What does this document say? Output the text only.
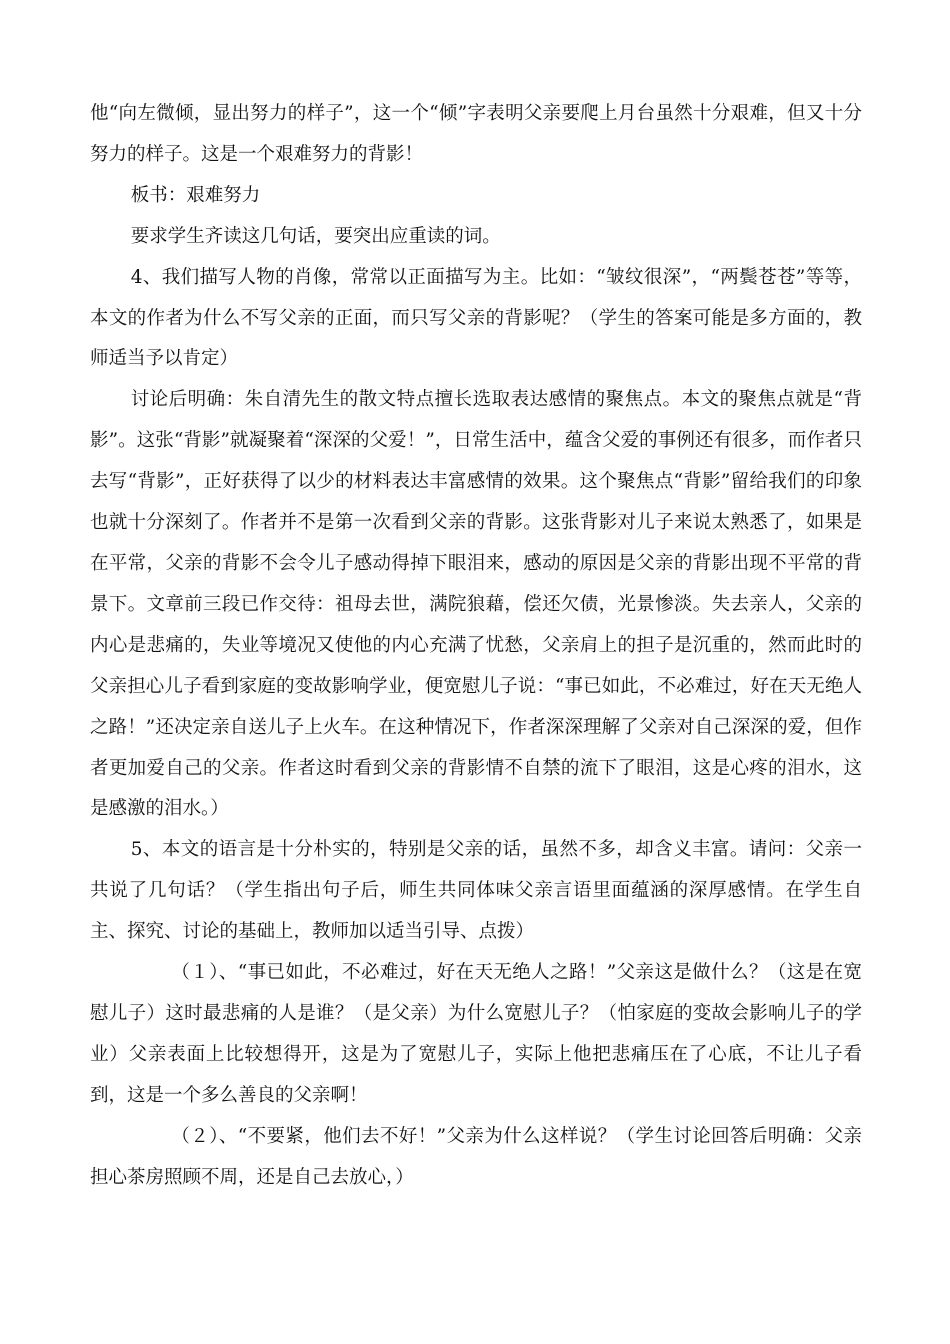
他“向左微倾，显出努力的样子”，这一个“倾”字表明父亲要爬上月台虽然十分艰难，但又十分努力的样子。这是一个艰难努力的背影！

板书：艰难努力

要求学生齐读这几句话，要突出应重读的词。

4、我们描写人物的肖像，常常以正面描写为主。比如：“皱纹很深”，“两鬓苍苍”等等，本文的作者为什么不写父亲的正面，而只写父亲的背影呢？（学生的答案可能是多方面的，教师适当予以肯定）

讨论后明确：朱自清先生的散文特点擅长选取表达感情的聚焦点。本文的聚焦点就是“背影”。这张“背影”就凝聚着“深深的父爱！”，日常生活中，蕴含父爱的事例还有很多，而作者只去写“背影”，正好获得了以少的材料表达丰富感情的效果。这个聚焦点“背影”留给我们的印象也就十分深刻了。作者并不是第一次看到父亲的背影。这张背影对儿子来说太熟悉了，如果是在平常，父亲的背影不会令儿子感动得掉下眼泪来，感动的原因是父亲的背影出现不平常的背景下。文章前三段已作交待：祖母去世，满院狼藉，偿还欠债，光景惨淡。失去亲人，父亲的内心是悲痛的，失业等境况又使他的内心充满了忧愁，父亲肩上的担子是沉重的，然而此时的父亲担心儿子看到家庭的变故影响学业，便宽慰儿子说：“事已如此，不必难过，好在天无绝人之路！”还决定亲自送儿子上火车。在这种情况下，作者深深理解了父亲对自己深深的爱，但作者更加爱自己的父亲。作者这时看到父亲的背影情不自禁的流下了眼泪，这是心疼的泪水，这是感激的泪水。）

5、本文的语言是十分朴实的，特别是父亲的话，虽然不多，却含义丰富。请问：父亲一共说了几句话？（学生指出句子后，师生共同体味父亲言语里面蕴涵的深厚感情。在学生自主、探究、讨论的基础上，教师加以适当引导、点拨）

（１）、“事已如此，不必难过，好在天无绝人之路！”父亲这是做什么？（这是在宽慰儿子）这时最悲痛的人是谁？（是父亲）为什么宽慰儿子？（怕家庭的变故会影响儿子的学业）父亲表面上比较想得开，这是为了宽慰儿子，实际上他把悲痛压在了心底，不让儿子看到，这是一个多么善良的父亲啊！

（２）、“不要紧，他们去不好！”父亲为什么这样说？（学生讨论回答后明确：父亲担心茶房照顾不周，还是自己去放心，）
